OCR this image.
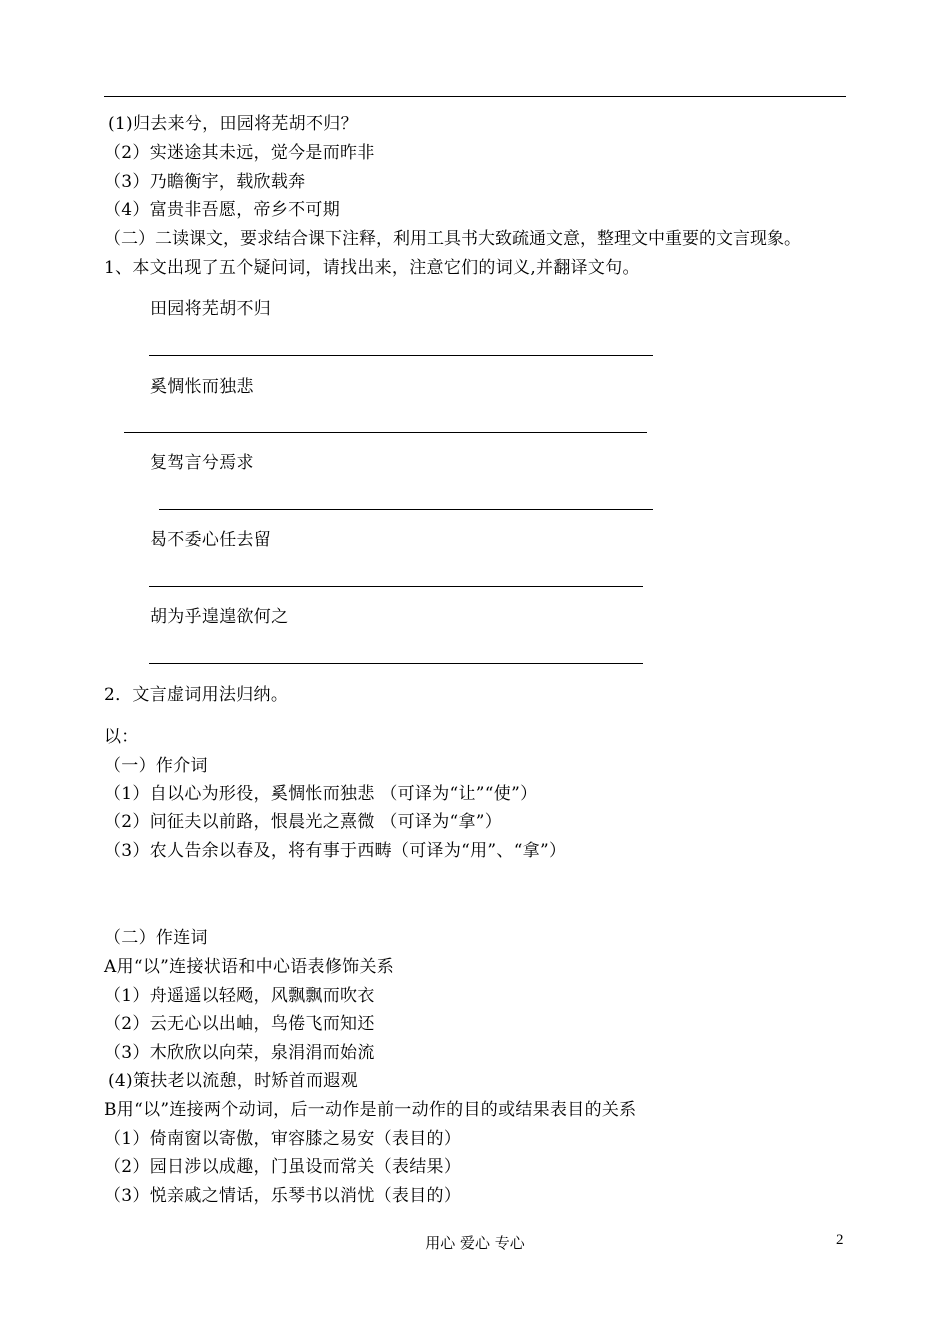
(1)归去来兮，田园将芜胡不归？
（2）实迷途其未远，觉今是而昨非
（3）乃瞻衡宇，载欣载奔
（4）富贵非吾愿，帝乡不可期
（二）二读课文，要求结合课下注释，利用工具书大致疏通文意，整理文中重要的文言现象。
1、本文出现了五个疑问词，请找出来，注意它们的词义,并翻译文句。
田园将芜胡不归
奚惆怅而独悲
复驾言兮焉求
曷不委心任去留
胡为乎遑遑欲何之
2．文言虚词用法归纳。
以：
（一）作介词
（1）自以心为形役，奚惆怅而独悲 （可译为“让”“使”）
（2）问征夫以前路，恨晨光之熹微 （可译为“拿”）
（3）农人告余以春及，将有事于西畴（可译为“用”、“拿”）
（二）作连词
A用“以”连接状语和中心语表修饰关系
（1）舟遥遥以轻飏，风飘飘而吹衣
（2）云无心以出岫，鸟倦飞而知还
（3）木欣欣以向荣，泉涓涓而始流
(4)策扶老以流憩，时矫首而遐观
B用“以”连接两个动词，后一动作是前一动作的目的或结果表目的关系
（1）倚南窗以寄傲，审容膝之易安（表目的）
（2）园日涉以成趣，门虽设而常关（表结果）
（3）悦亲戚之情话，乐琴书以消忧（表目的）
用心 爱心 专心	2
